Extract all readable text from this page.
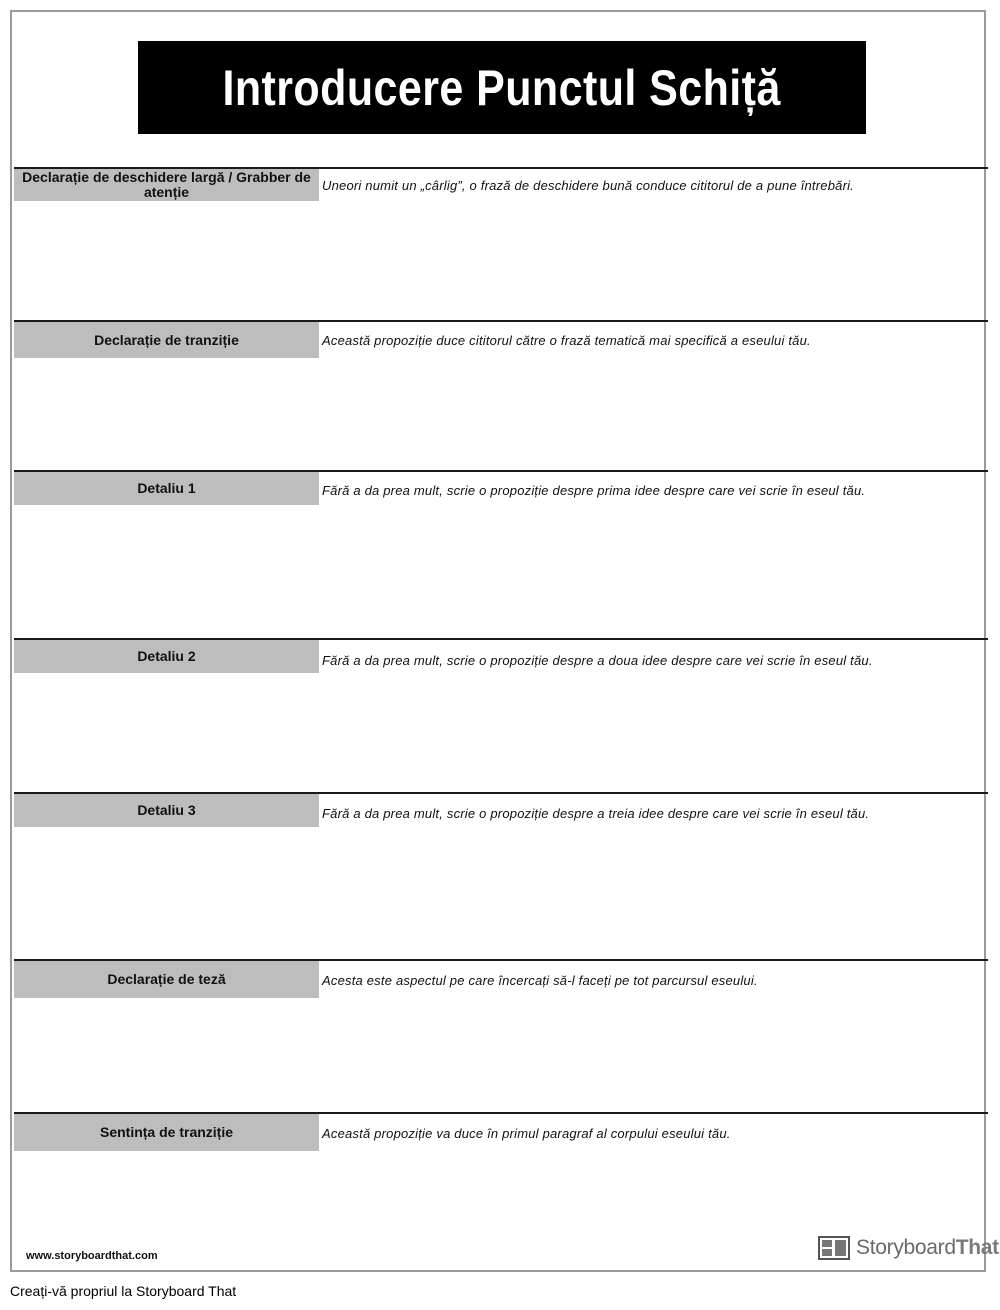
Introducere Punctul Schiță
Declarație de deschidere largă / Grabber de atenție	Uneori numit un „cârlig”, o frază de deschidere bună conduce cititorul de a pune întrebări.
Declarație de tranziție	Această propoziție duce cititorul către o frază tematică mai specifică a eseului tău.
Detaliu 1	Fără a da prea mult, scrie o propoziție despre prima idee despre care vei scrie în eseul tău.
Detaliu 2	Fără a da prea mult, scrie o propoziție despre a doua idee despre care vei scrie în eseul tău.
Detaliu 3	Fără a da prea mult, scrie o propoziție despre a treia idee despre care vei scrie în eseul tău.
Declarație de teză	Acesta este aspectul pe care încercați să-l faceți pe tot parcursul eseului.
Sentința de tranziție	Această propoziție va duce în primul paragraf al corpului eseului tău.
www.storyboardthat.com	StoryboardThat
Creați-vă propriul la Storyboard That
